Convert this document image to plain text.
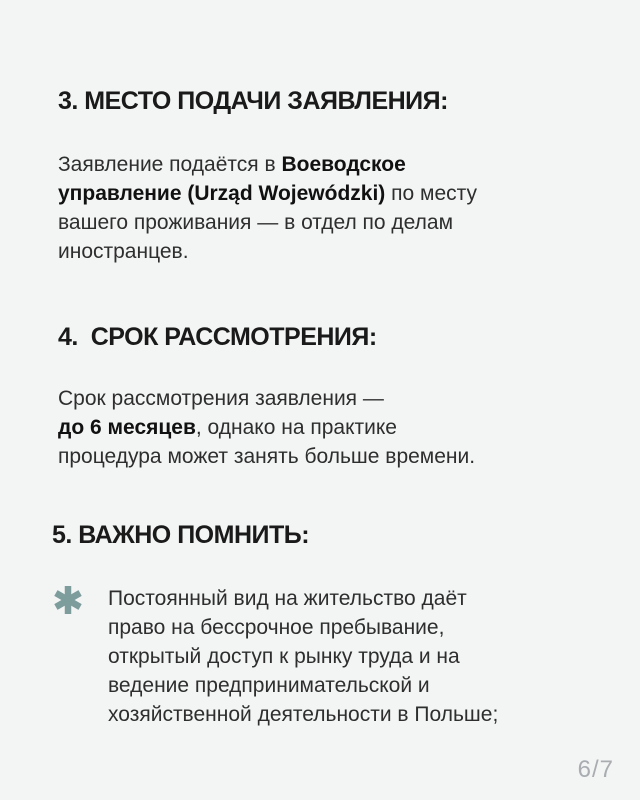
3. МЕСТО ПОДАЧИ ЗАЯВЛЕНИЯ:
Заявление подаётся в Воеводское
управление (Urząd Wojewódzki) по месту
вашего проживания — в отдел по делам
иностранцев.
4.  СРОК РАССМОТРЕНИЯ:
Срок рассмотрения заявления —
до 6 месяцев, однако на практике
процедура может занять больше времени.
5. ВАЖНО ПОМНИТЬ:
Постоянный вид на жительство даёт
право на бессрочное пребывание,
открытый доступ к рынку труда и на
ведение предпринимательской и
хозяйственной деятельности в Польше;
6/7
